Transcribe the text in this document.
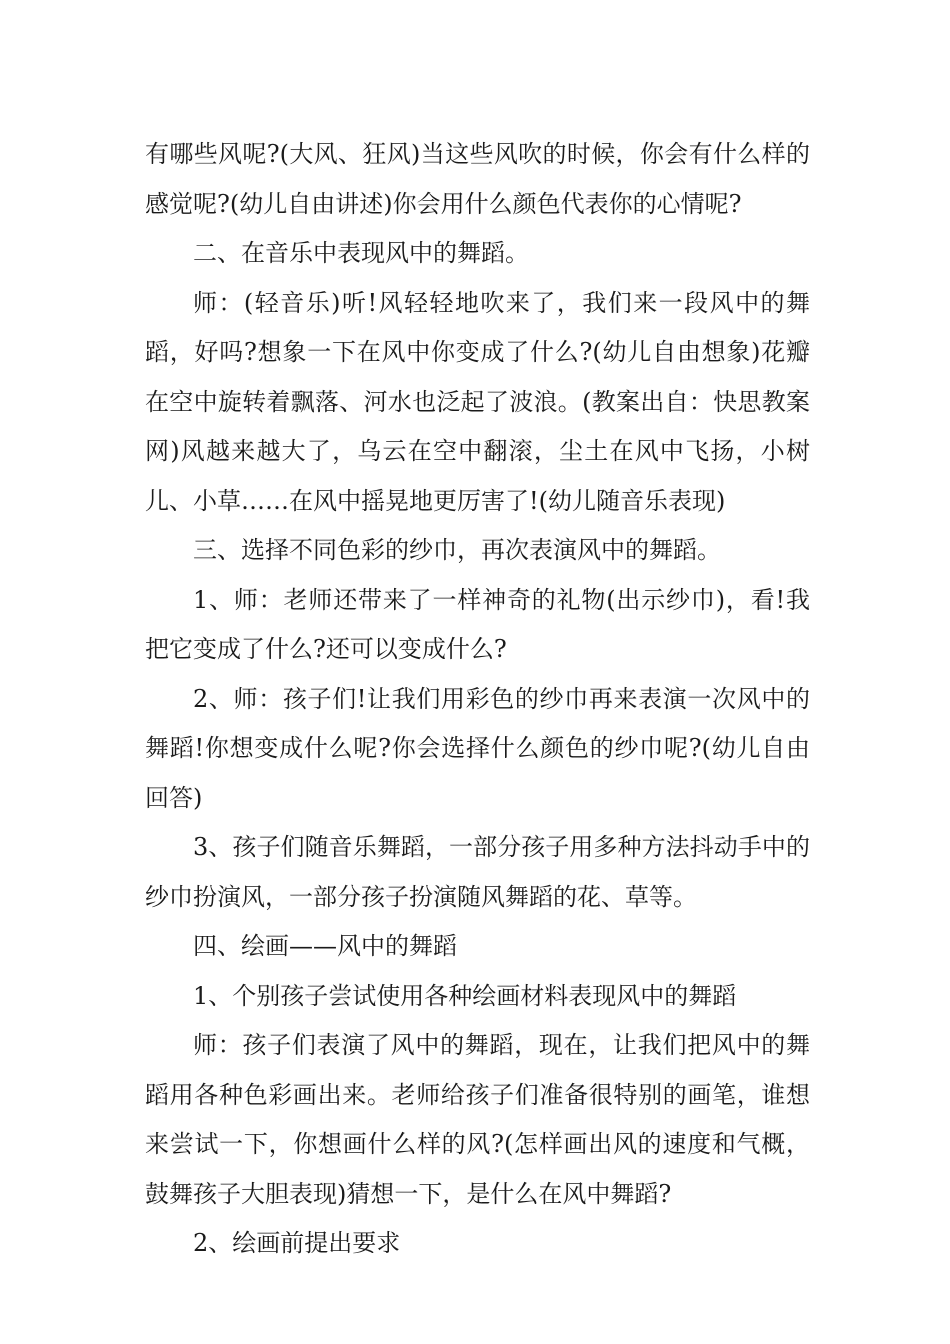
有哪些风呢?(大风、狂风)当这些风吹的时候，你会有什么样的感觉呢?(幼儿自由讲述)你会用什么颜色代表你的心情呢?

二、在音乐中表现风中的舞蹈。

师：(轻音乐)听!风轻轻地吹来了，我们来一段风中的舞蹈，好吗?想象一下在风中你变成了什么?(幼儿自由想象)花瓣在空中旋转着飘落、河水也泛起了波浪。(教案出自：快思教案网)风越来越大了，乌云在空中翻滚，尘土在风中飞扬，小树儿、小草……在风中摇晃地更厉害了!(幼儿随音乐表现)

三、选择不同色彩的纱巾，再次表演风中的舞蹈。

1、师：老师还带来了一样神奇的礼物(出示纱巾)，看!我把它变成了什么?还可以变成什么?

2、师：孩子们!让我们用彩色的纱巾再来表演一次风中的舞蹈!你想变成什么呢?你会选择什么颜色的纱巾呢?(幼儿自由回答)

3、孩子们随音乐舞蹈，一部分孩子用多种方法抖动手中的纱巾扮演风，一部分孩子扮演随风舞蹈的花、草等。

四、绘画——风中的舞蹈

1、个别孩子尝试使用各种绘画材料表现风中的舞蹈

师：孩子们表演了风中的舞蹈，现在，让我们把风中的舞蹈用各种色彩画出来。老师给孩子们准备很特别的画笔，谁想来尝试一下，你想画什么样的风?(怎样画出风的速度和气概，鼓舞孩子大胆表现)猜想一下，是什么在风中舞蹈?

2、绘画前提出要求
